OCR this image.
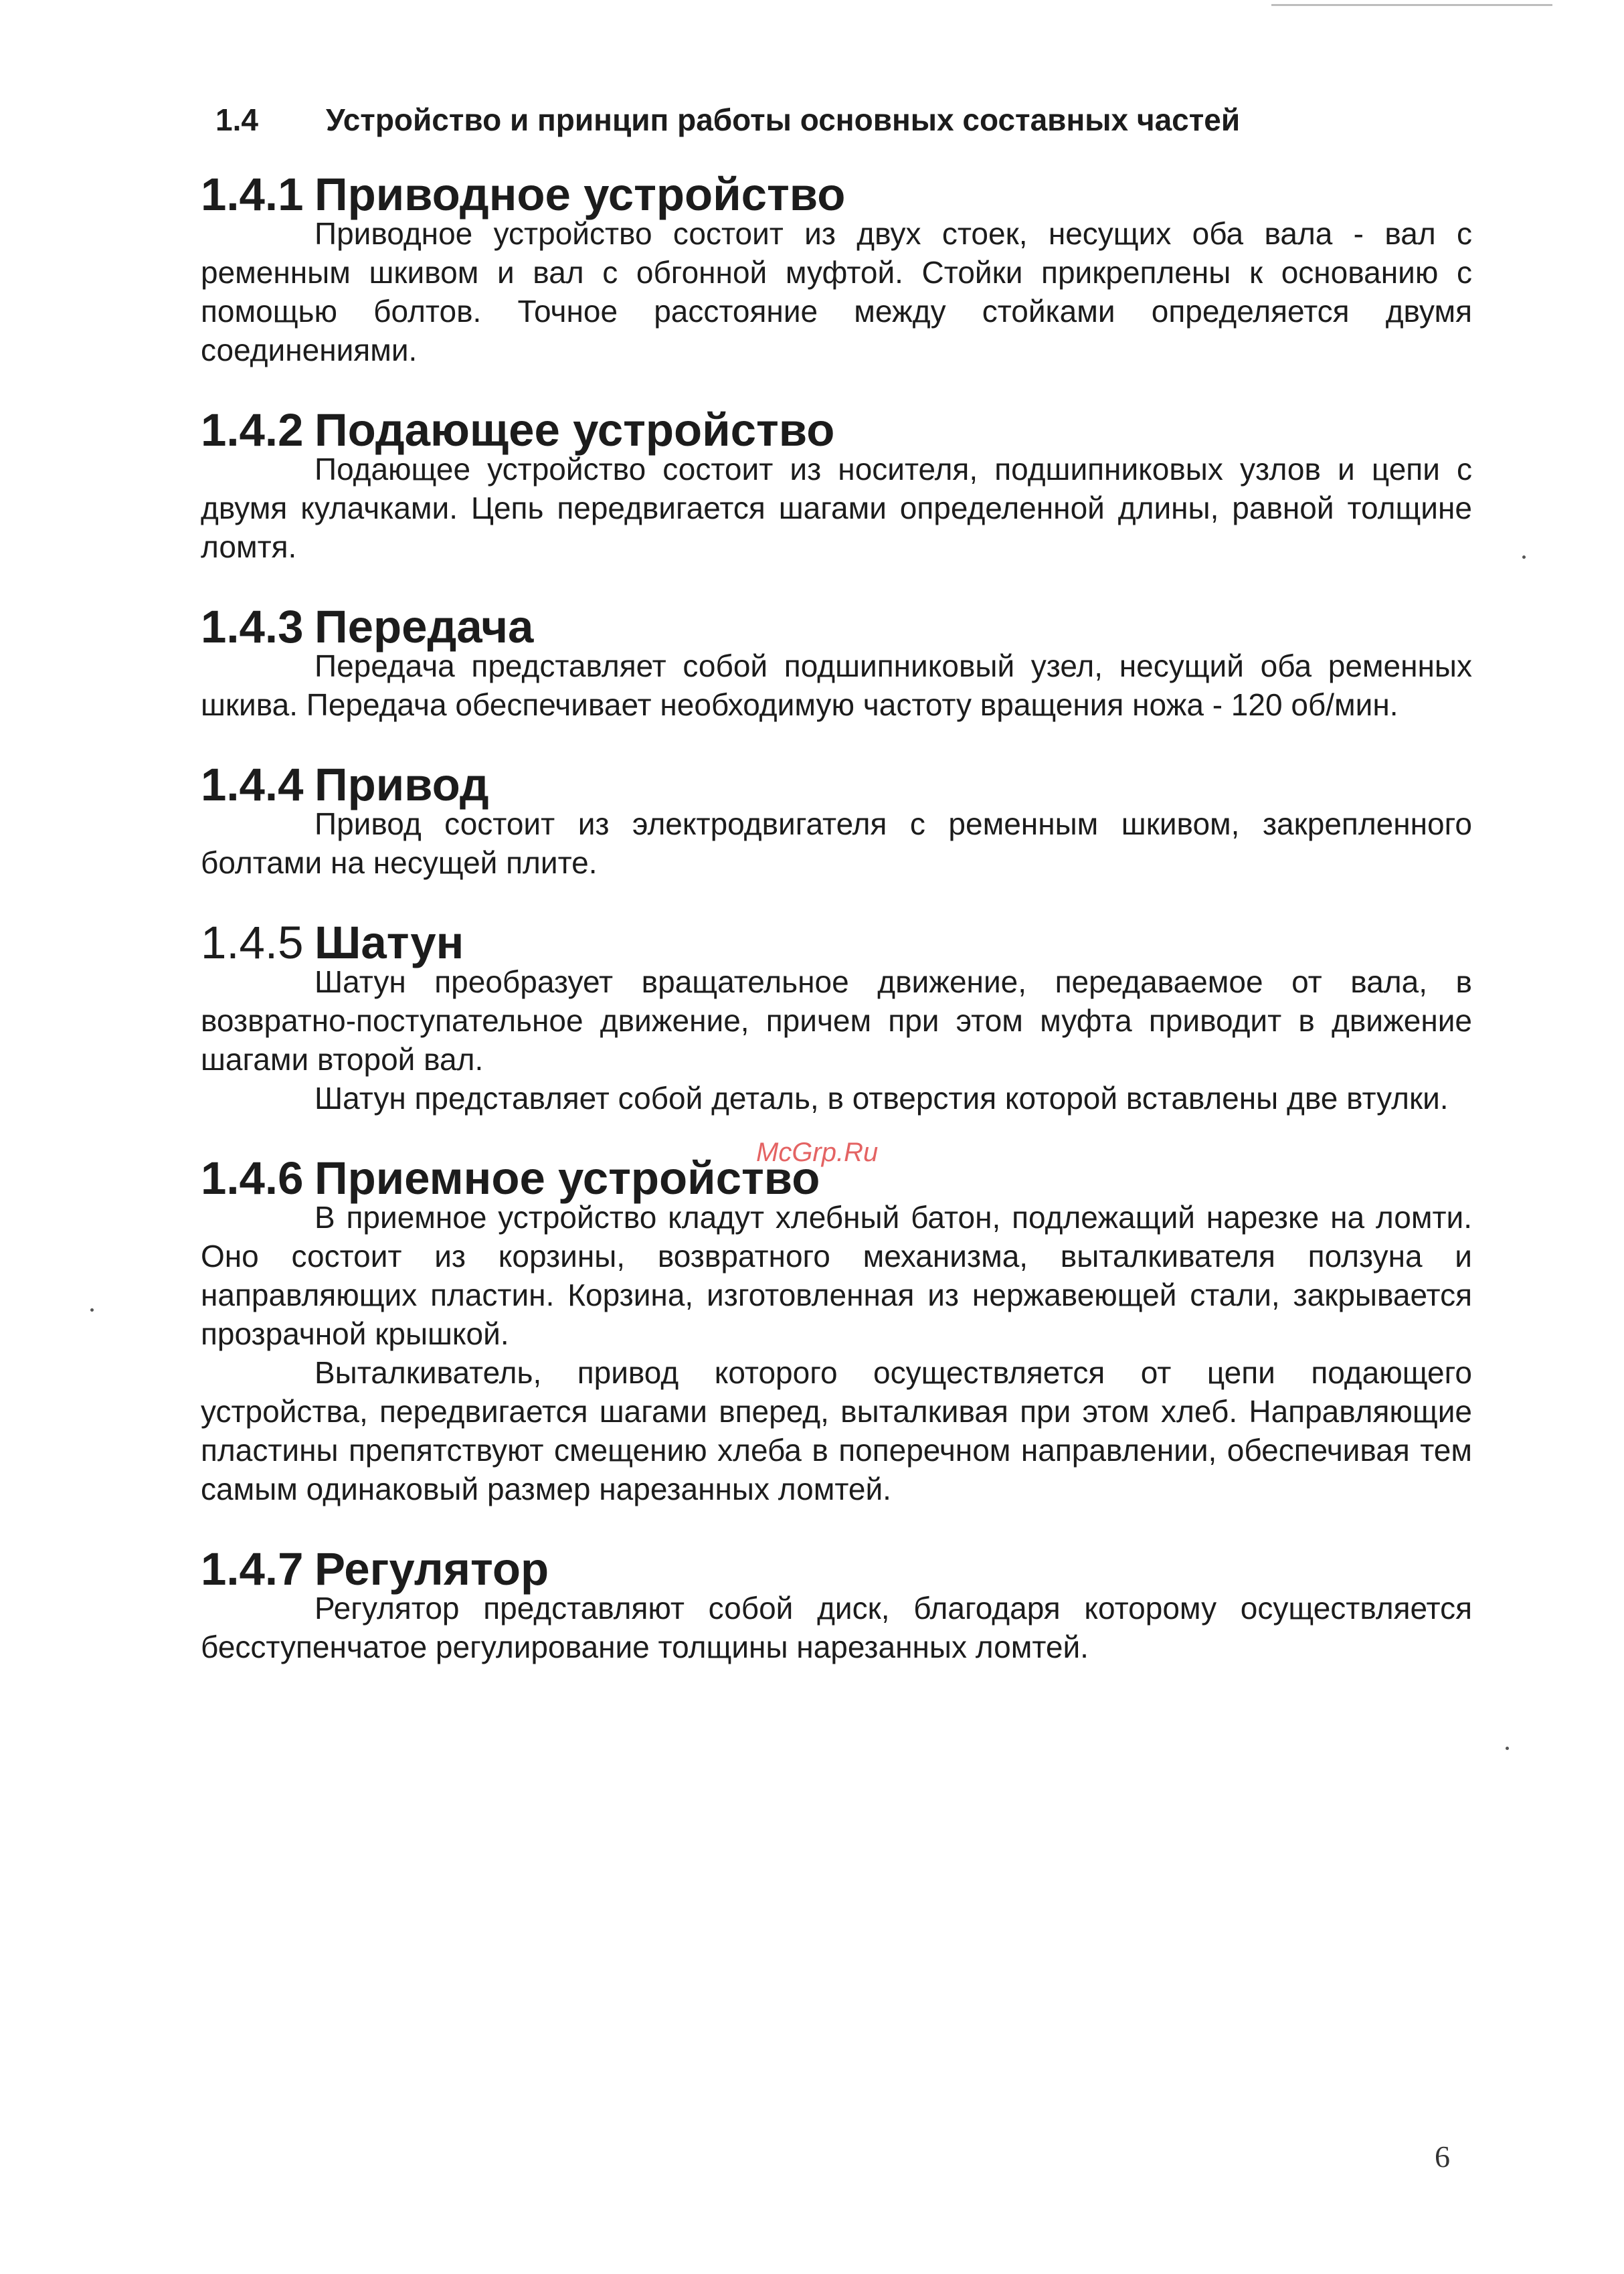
1.4 Устройство и принцип работы основных составных частей
1.4.1 Приводное устройство

Приводное устройство состоит из двух стоек, несущих оба вала - вал с ременным шкивом и вал с обгонной муфтой. Стойки прикреплены к основанию с помощью болтов. Точное расстояние между стойками определяется двумя соединениями.

1.4.2 Подающее устройство

Подающее устройство состоит из носителя, подшипниковых узлов и цепи с двумя кулачками. Цепь передвигается шагами определенной длины, равной толщине ломтя.

1.4.3 Передача

Передача представляет собой подшипниковый узел, несущий оба ременных шкива. Передача обеспечивает необходимую частоту вращения ножа - 120 об/мин.

1.4.4 Привод

Привод состоит из электродвигателя с ременным шкивом, закрепленного болтами на несущей плите.

1.4.5 Шатун

Шатун преобразует вращательное движение, передаваемое от вала, в возвратно-поступательное движение, причем при этом муфта приводит в движение шагами второй вал.

Шатун представляет собой деталь, в отверстия которой вставлены две втулки.

1.4.6 Приемное устройство

В приемное устройство кладут хлебный батон, подлежащий нарезке на ломти. Оно состоит из корзины, возвратного механизма, выталкивателя ползуна и направляющих пластин. Корзина, изготовленная из нержавеющей стали, закрывается прозрачной крышкой.

Выталкиватель, привод которого осуществляется от цепи подающего устройства, передвигается шагами вперед, выталкивая при этом хлеб. Направляющие пластины препятствуют смещению хлеба в поперечном направлении, обеспечивая тем самым одинаковый размер нарезанных ломтей.

1.4.7 Регулятор

Регулятор представляют собой диск, благодаря которому осуществляется бесступенчатое регулирование толщины нарезанных ломтей.

McGrp.Ru
6
